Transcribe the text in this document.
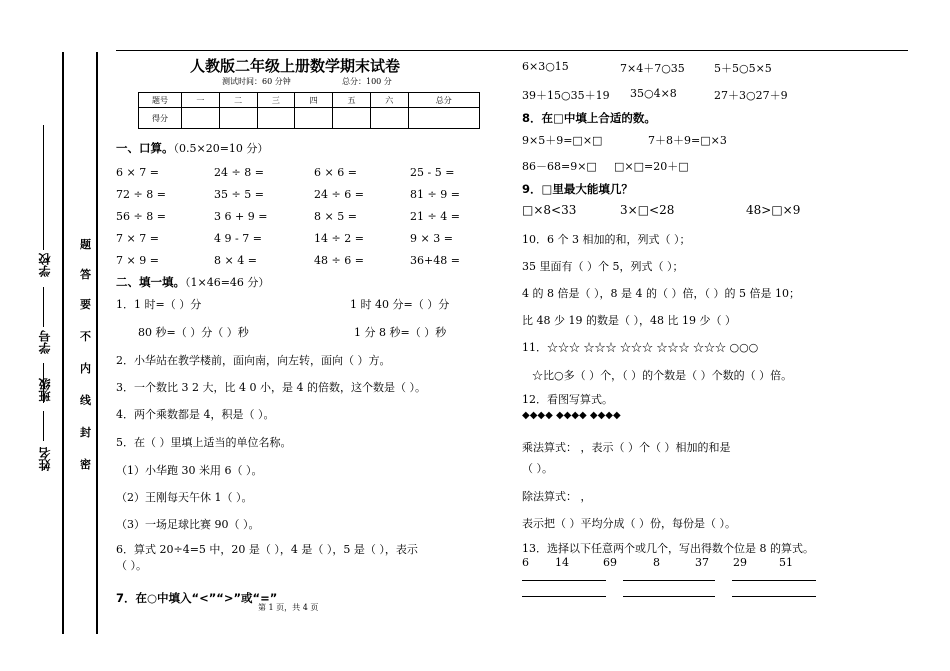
学校
学号
班级
姓名
题
答
要
不
内
线
封
密
人教版二年级上册数学期末试卷
测试时间：60 分钟	总分：100 分
题号	一	二	三	四	五	六	总分
得分							
一、口算。（0.5×20=10 分）
6 × 7 =	24 ÷ 8 =	6 × 6 =	25 - 5 =
72 ÷ 8 =	35 ÷ 5 =	24 ÷ 6 =	81 ÷ 9 =
56 ÷ 8 =	3 6 + 9 =	8 × 5 =	21 ÷ 4 =
7 × 7 =	4 9 - 7 =	14 ÷ 2 =	9 × 3 =
7 × 9 =	8 × 4 =	48 ÷ 6 =	36+48 =
二、填一填。（1×46=46 分）
1．1 时=（ ）分	1 时 40 分=（ ）分
80 秒=（ ）分（ ）秒	1 分 8 秒=（ ）秒
2．小华站在教学楼前，面向南，向左转，面向（ ）方。
3．一个数比 3 2 大，比 4 0 小，是 4 的倍数，这个数是（ ）。
4．两个乘数都是 4，积是（ ）。
5．在（ ）里填上适当的单位名称。
（1）小华跑 30 米用 6（ ）。
（2）王刚每天午休 1（ ）。
（3）一场足球比赛 90（ ）。
6．算式 20÷4=5 中，20 是（ ），4 是（ ），5 是（ ），表示
（ ）。
7．在○中填入“<”“>”或“=”
第 1 页，共 4 页
6×3○15	7×4＋7○35	5＋5○5×5
39＋15○35＋19 35○4×8	27＋3○27＋9
8．在□中填上合适的数。
9×5＋9=□×□	7＋8＋9=□×3
86－68=9×□ □×□=20＋□
9．□里最大能填几？
□×8<33	3×□<28	48>□×9
10．6 个 3 相加的和，列式（ ）；
35 里面有（ ）个 5，列式（ ）；
4 的 8 倍是（ ），8 是 4 的（ ）倍，（ ）的 5 倍是 10；
比 48 少 19 的数是（ ），48 比 19 少（ ）
11．☆☆☆ ☆☆☆ ☆☆☆ ☆☆☆ ☆☆☆ ○○○
☆比○多（ ）个，（ ）的个数是（ ）个数的（ ）倍。
12．看图写算式。
◆◆◆◆ ◆◆◆◆ ◆◆◆◆
乘法算式： ，表示（ ）个（ ）相加的和是
（ ）。
除法算式： ，
表示把（ ）平均分成（ ）份，每份是（ ）。
13．选择以下任意两个或几个，写出得数个位是 8 的算式。
6 14	69	8	37 29	51
